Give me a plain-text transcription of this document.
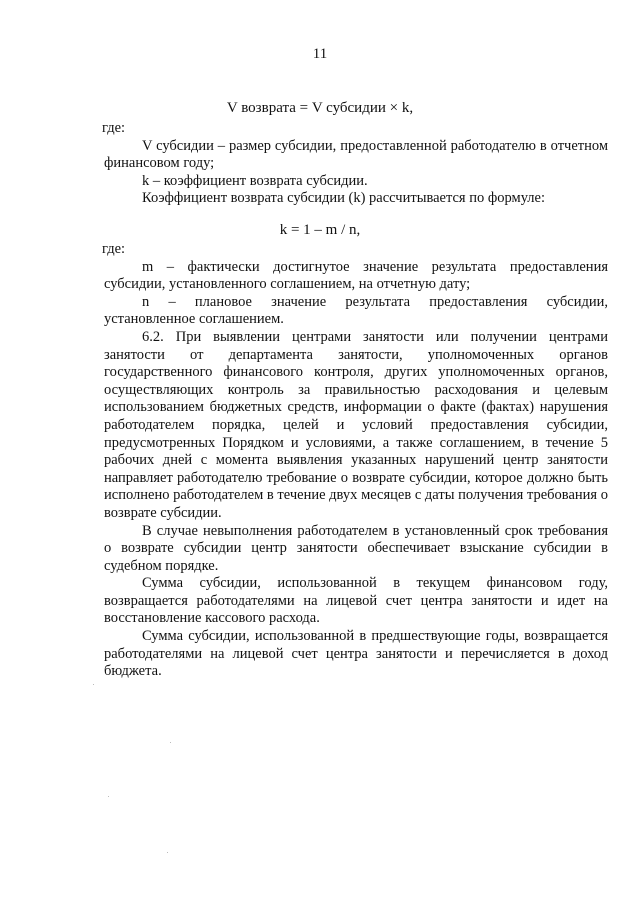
11
V возврата = V субсидии × k,

где:

V субсидии – размер субсидии, предоставленной работодателю в отчетном финансовом году;

k – коэффициент возврата субсидии.

Коэффициент возврата субсидии (k) рассчитывается по формуле:

k = 1 – m / n,

где:

m – фактически достигнутое значение результата предоставления субсидии, установленного соглашением, на отчетную дату;

n – плановое значение результата предоставления субсидии, установленное соглашением.

6.2. При выявлении центрами занятости или получении центрами занятости от департамента занятости, уполномоченных органов государственного финансового контроля, других уполномоченных органов, осуществляющих контроль за правильностью расходования и целевым использованием бюджетных средств, информации о факте (фактах) нарушения работодателем порядка, целей и условий предоставления субсидии, предусмотренных Порядком и условиями, а также соглашением, в течение 5 рабочих дней с момента выявления указанных нарушений центр занятости направляет работодателю требование о возврате субсидии, которое должно быть исполнено работодателем в течение двух месяцев с даты получения требования о возврате субсидии.

В случае невыполнения работодателем в установленный срок требования о возврате субсидии центр занятости обеспечивает взыскание субсидии в судебном порядке.

Сумма субсидии, использованной в текущем финансовом году, возвращается работодателями на лицевой счет центра занятости и идет на восстановление кассового расхода.

Сумма субсидии, использованной в предшествующие годы, возвращается работодателями на лицевой счет центра занятости и перечисляется в доход бюджета.
